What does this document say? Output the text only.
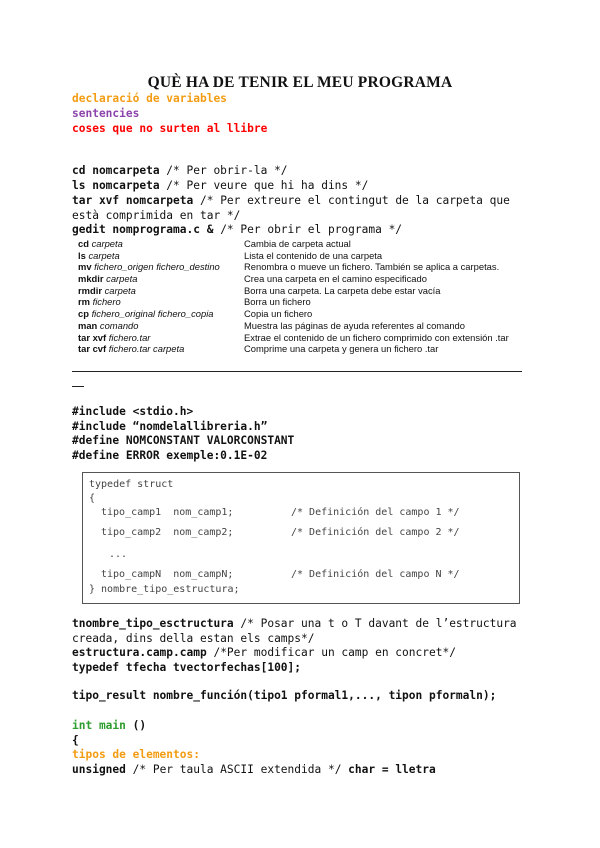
QUÈ HA DE TENIR EL MEU PROGRAMA
declaració de variables
sentencies
coses que no surten al llibre
cd nomcarpeta /* Per obrir-la */
ls nomcarpeta /* Per veure que hi ha dins */
tar xvf nomcarpeta /* Per extreure el contingut de la carpeta que
està comprimida en tar */
gedit nomprograma.c & /* Per obrir el programa */
cd carpeta	Cambia de carpeta actual
ls carpeta	Lista el contenido de una carpeta
mv fichero_origen fichero_destino	Renombra o mueve un fichero. También se aplica a carpetas.
mkdir carpeta	Crea una carpeta en el camino especificado
rmdir carpeta	Borra una carpeta. La carpeta debe estar vacía
rm fichero	Borra un fichero
cp fichero_original fichero_copia	Copia un fichero
man comando	Muestra las páginas de ayuda referentes al comando
tar xvf fichero.tar	Extrae el contenido de un fichero comprimido con extensión .tar
tar cvf fichero.tar carpeta	Comprime una carpeta y genera un fichero .tar
#include <stdio.h>
#include “nomdelallibreria.h”
#define NOMCONSTANT VALORCONSTANT
#define ERROR exemple:0.1E-02
typedef struct
{
tipo_camp1  nom_camp1;	/* Definición del campo 1 */
tipo_camp2  nom_camp2;	/* Definición del campo 2 */
...
tipo_campN  nom_campN;	/* Definición del campo N */
} nombre_tipo_estructura;
tnombre_tipo_esctructura /* Posar una t o T davant de l’estructura
creada, dins della estan els camps*/
estructura.camp.camp /*Per modificar un camp en concret*/
typedef tfecha tvectorfechas[100];
tipo_result nombre_función(tipo1 pformal1,..., tipon pformaln);
int main ()
{
tipos de elementos:
unsigned /* Per taula ASCII extendida */ char = lletra
